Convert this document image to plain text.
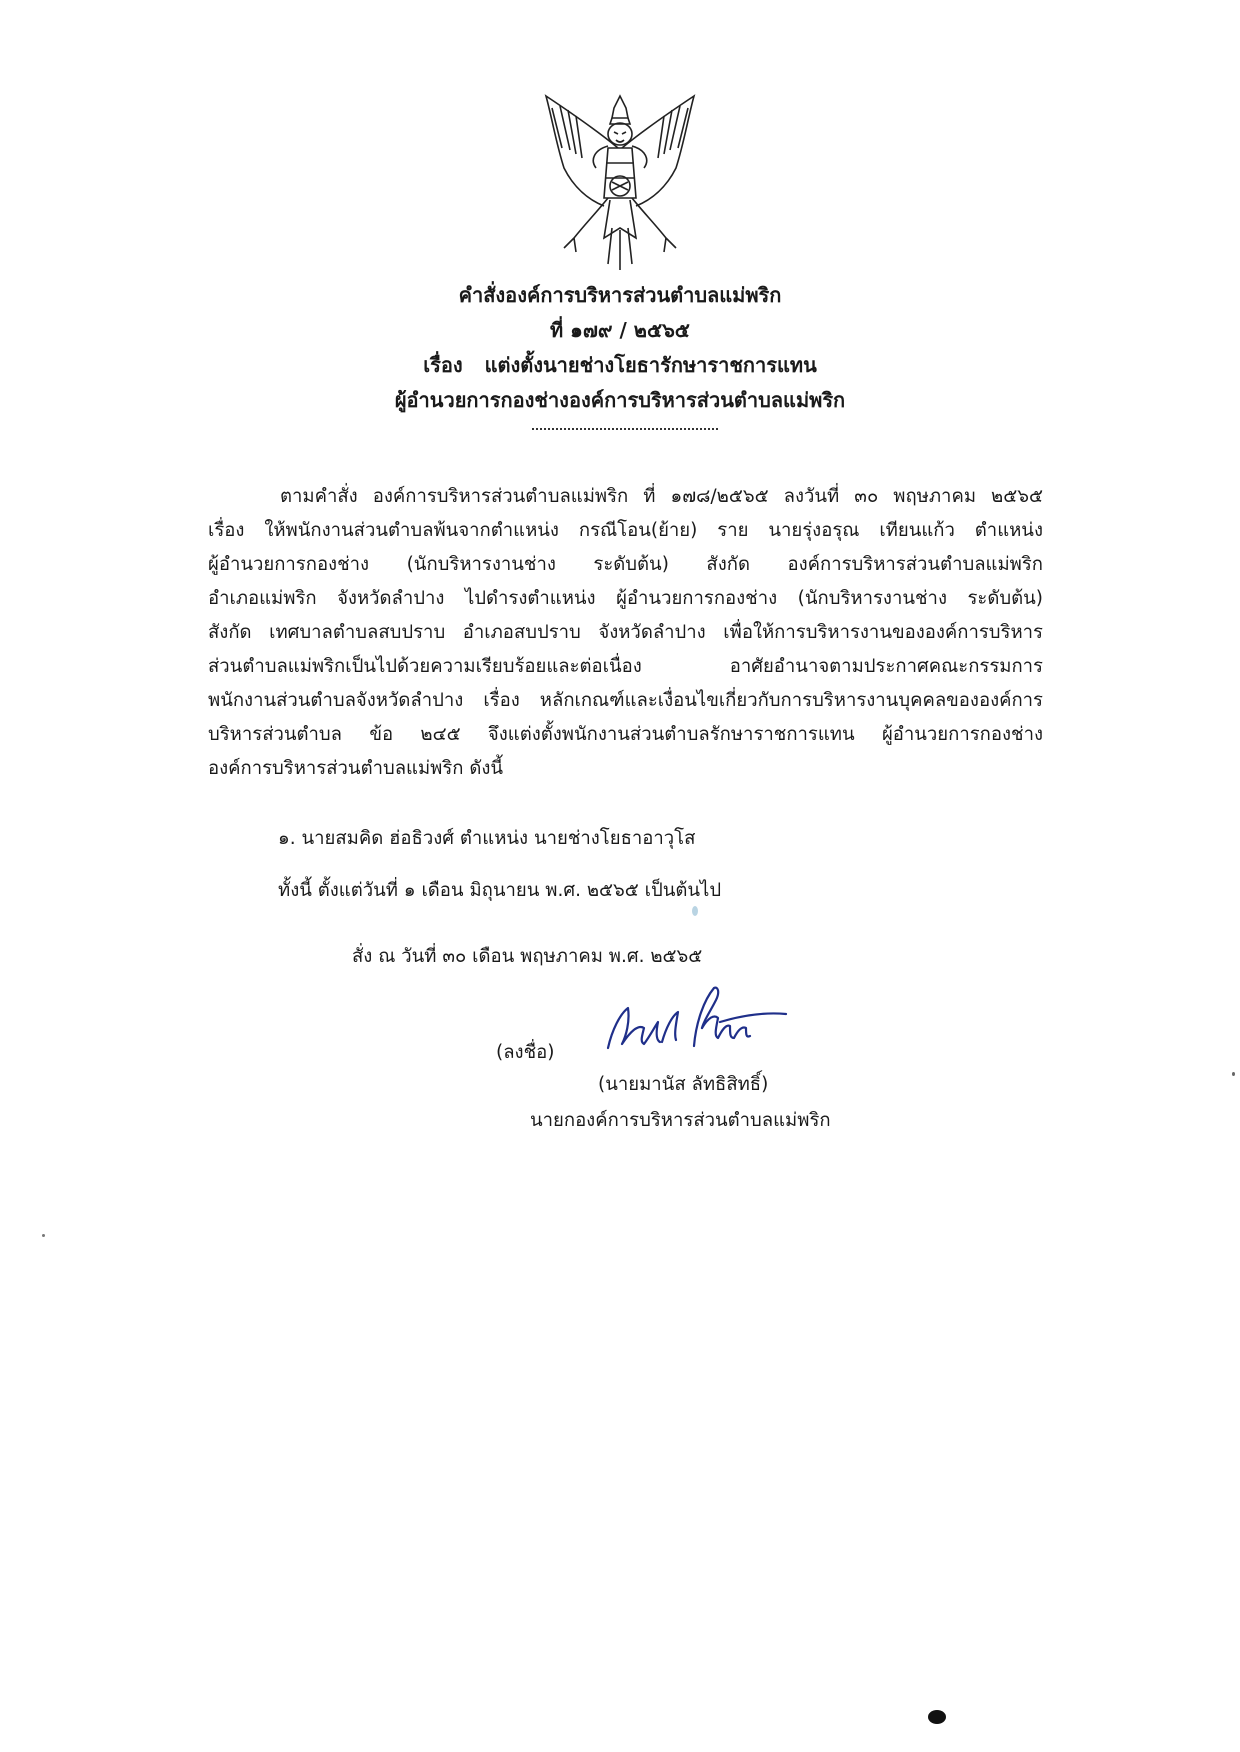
คำสั่งองค์การบริหารส่วนตำบลแม่พริก
ที่ ๑๗๙ / ๒๕๖๕
เรื่อง แต่งตั้งนายช่างโยธารักษาราชการแทน
ผู้อำนวยการกองช่างองค์การบริหารส่วนตำบลแม่พริก
ตามคำสั่ง องค์การบริหารส่วนตำบลแม่พริก ที่ ๑๗๘/๒๕๖๕ ลงวันที่ ๓๐ พฤษภาคม ๒๕๖๕
เรื่อง ให้พนักงานส่วนตำบลพ้นจากตำแหน่ง กรณีโอน(ย้าย) ราย นายรุ่งอรุณ เทียนแก้ว ตำแหน่ง
ผู้อำนวยการกองช่าง (นักบริหารงานช่าง ระดับต้น) สังกัด องค์การบริหารส่วนตำบลแม่พริก
อำเภอแม่พริก จังหวัดลำปาง ไปดำรงตำแหน่ง ผู้อำนวยการกองช่าง (นักบริหารงานช่าง ระดับต้น)
สังกัด เทศบาลตำบลสบปราบ อำเภอสบปราบ จังหวัดลำปาง เพื่อให้การบริหารงานขององค์การบริหาร
ส่วนตำบลแม่พริกเป็นไปด้วยความเรียบร้อยและต่อเนื่อง อาศัยอำนาจตามประกาศคณะกรรมการ
พนักงานส่วนตำบลจังหวัดลำปาง เรื่อง หลักเกณฑ์และเงื่อนไขเกี่ยวกับการบริหารงานบุคคลขององค์การ
บริหารส่วนตำบล ข้อ ๒๔๕ จึงแต่งตั้งพนักงานส่วนตำบลรักษาราชการแทน ผู้อำนวยการกองช่าง
องค์การบริหารส่วนตำบลแม่พริก ดังนี้
๑. นายสมคิด ฮ่อธิวงศ์ ตำแหน่ง นายช่างโยธาอาวุโส
ทั้งนี้ ตั้งแต่วันที่ ๑ เดือน มิถุนายน พ.ศ. ๒๕๖๕ เป็นต้นไป
สั่ง ณ วันที่ ๓๐ เดือน พฤษภาคม พ.ศ. ๒๕๖๕
(ลงชื่อ)
(นายมานัส ลัทธิสิทธิ์)
นายกองค์การบริหารส่วนตำบลแม่พริก
